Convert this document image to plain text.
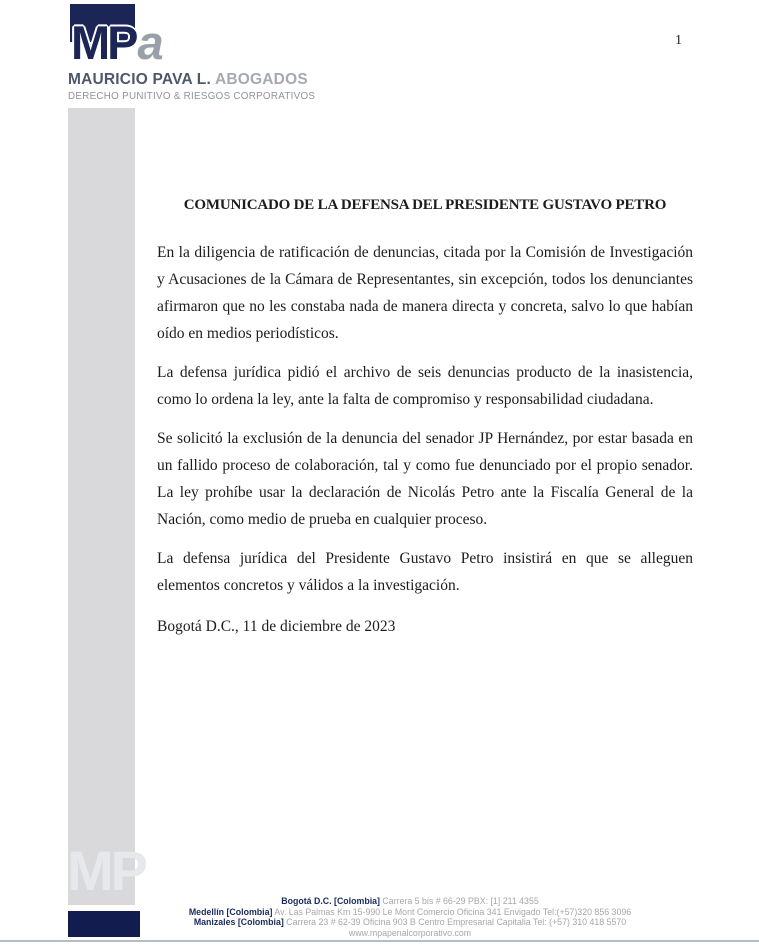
MPa
MAURICIO PAVA L. ABOGADOS
DERECHO PUNITIVO & RIESGOS CORPORATIVOS
1
MP
COMUNICADO DE LA DEFENSA DEL PRESIDENTE GUSTAVO PETRO

En la diligencia de ratificación de denuncias, citada por la Comisión de Investigación y Acusaciones de la Cámara de Representantes, sin excepción, todos los denunciantes afirmaron que no les constaba nada de manera directa y concreta, salvo lo que habían oído en medios periodísticos.

La defensa jurídica pidió el archivo de seis denuncias producto de la inasistencia, como lo ordena la ley, ante la falta de compromiso y responsabilidad ciudadana.

Se solicitó la exclusión de la denuncia del senador JP Hernández, por estar basada en un fallido proceso de colaboración, tal y como fue denunciado por el propio senador. La ley prohíbe usar la declaración de Nicolás Petro ante la Fiscalía General de la Nación, como medio de prueba en cualquier proceso.

La defensa jurídica del Presidente Gustavo Petro insistirá en que se alleguen elementos concretos y válidos a la investigación.

Bogotá D.C., 11 de diciembre de 2023
Bogotá D.C. [Colombia] Carrera 5 bis # 66-29 PBX: [1] 211 4355
Medellín [Colombia] Av. Las Palmas Km 15-990 Le Mont Comercio Oficina 341 Envigado Tel:(+57)320 856 3096
Manizales [Colombia] Carrera 23 # 62-39 Oficina 903 B Centro Empresarial Capitalia Tel: (+57) 310 418 5570
www.mpapenalcorporativo.com
